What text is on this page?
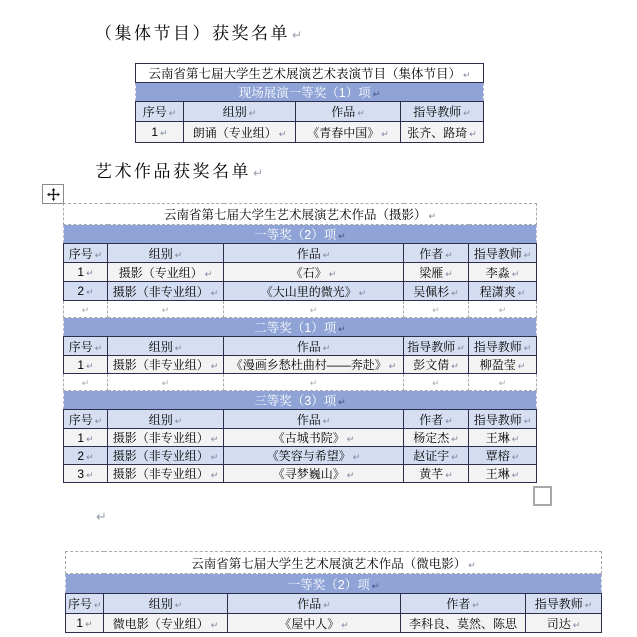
（集体节目）获奖名单 ↵
云南省第七届大学生艺术展演艺术表演节目（集体节目） ↵
现场展演一等奖（1）项 ↵
序号 ↵	组别 ↵	作品 ↵	指导教师 ↵
1 ↵	朗诵（专业组） ↵	《青春中国》 ↵	张齐、路琦 ↵
艺术作品获奖名单 ↵
云南省第七届大学生艺术展演艺术作品（摄影） ↵
一等奖（2）项 ↵
序号 ↵	组别 ↵	作品 ↵	作者 ↵	指导教师 ↵
1 ↵	摄影（专业组） ↵	《石》 ↵	梁雁 ↵	李淼 ↵
2 ↵	摄影（非专业组） ↵	《大山里的微光》 ↵	吴佩杉 ↵	程潇爽 ↵
↵	↵	↵	↵	↵
二等奖（1）项 ↵
序号 ↵	组别 ↵	作品 ↵	指导教师 ↵	指导教师 ↵
1 ↵	摄影（非专业组） ↵	《漫画乡愁杜曲村——奔赴》 ↵	彭文倩 ↵	柳盈莹 ↵
↵	↵	↵	↵	↵
三等奖（3）项 ↵
序号 ↵	组别 ↵	作品 ↵	作者 ↵	指导教师 ↵
1 ↵	摄影（非专业组） ↵	《古城书院》 ↵	杨定杰 ↵	王琳 ↵
2 ↵	摄影（非专业组） ↵	《笑容与希望》 ↵	赵证宇 ↵	覃榕 ↵
3 ↵	摄影（非专业组） ↵	《寻梦巍山》 ↵	黄芊 ↵	王琳 ↵
↵
云南省第七届大学生艺术展演艺术作品（微电影） ↵
一等奖（2）项 ↵
序号 ↵	组别 ↵	作品 ↵	作者 ↵	指导教师 ↵
1 ↵	微电影（专业组） ↵	《屋中人》 ↵	李科良、莫然、陈思	司达 ↵
